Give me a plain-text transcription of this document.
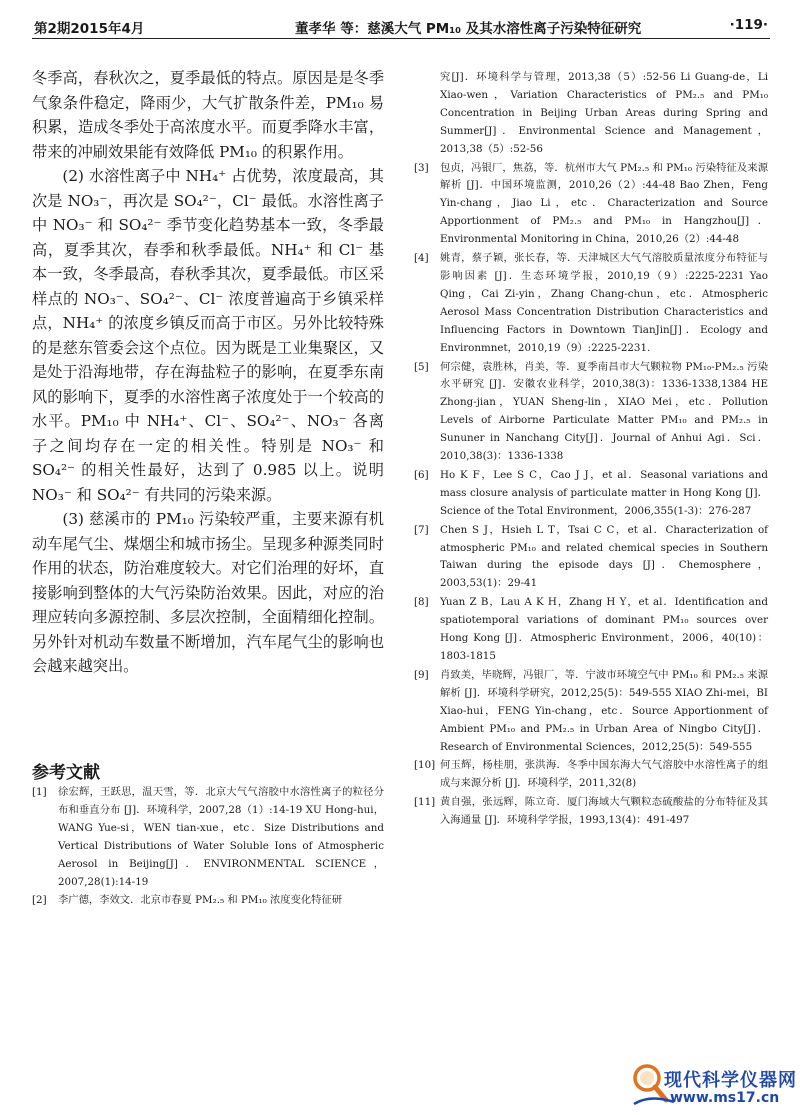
第2期2015年4月	董孝华 等：慈溪大气 PM₁₀ 及其水溶性离子污染特征研究	·119·

冬季高，春秋次之，夏季最低的特点。原因是是冬季气象条件稳定，降雨少，大气扩散条件差，PM₁₀ 易积累，造成冬季处于高浓度水平。而夏季降水丰富，带来的冲刷效果能有效降低 PM₁₀ 的积累作用。

(2) 水溶性离子中 NH₄⁺ 占优势，浓度最高，其次是 NO₃⁻，再次是 SO₄²⁻，Cl⁻ 最低。水溶性离子中 NO₃⁻ 和 SO₄²⁻ 季节变化趋势基本一致，冬季最高，夏季其次，春季和秋季最低。NH₄⁺ 和 Cl⁻ 基本一致，冬季最高，春秋季其次，夏季最低。市区采样点的 NO₃⁻、SO₄²⁻、Cl⁻ 浓度普遍高于乡镇采样点，NH₄⁺ 的浓度乡镇反而高于市区。另外比较特殊的是慈东管委会这个点位。因为既是工业集聚区，又是处于沿海地带，存在海盐粒子的影响，在夏季东南风的影响下，夏季的水溶性离子浓度处于一个较高的水平。PM₁₀ 中 NH₄⁺、Cl⁻、SO₄²⁻、NO₃⁻ 各离子之间均存在一定的相关性。特别是 NO₃⁻ 和 SO₄²⁻ 的相关性最好，达到了 0.985 以上。说明 NO₃⁻ 和 SO₄²⁻ 有共同的污染来源。

(3) 慈溪市的 PM₁₀ 污染较严重，主要来源有机动车尾气尘、煤烟尘和城市扬尘。呈现多种源类同时作用的状态，防治难度较大。对它们治理的好坏，直接影响到整体的大气污染防治效果。因此，对应的治理应转向多源控制、多层次控制，全面精细化控制。另外针对机动车数量不断增加，汽车尾气尘的影响也会越来越突出。

参考文献
[1] 徐宏辉，王跃思，温天雪，等．北京大气气溶胶中水溶性离子的粒径分布和垂直分布 [J]．环境科学，2007,28（1）:14-19 XU Hong-hui，WANG Yue-si，WEN tian-xue，etc．Size Distributions and Vertical Distributions of Water Soluble Ions of Atmospheric Aerosol in Beijing[J]．ENVIRONMENTAL SCIENCE，2007,28(1):14-19
[2] 李广德，李效文．北京市春夏 PM₂.₅ 和 PM₁₀ 浓度变化特征研
究[J]．环境科学与管理，2013,38（5）:52-56 Li Guang-de，Li Xiao-wen，Variation Characteristics of PM₂.₅ and PM₁₀ Concentration in Beijing Urban Areas during Spring and Summer[J]．Environmental Science and Management，2013,38（5）:52-56
[3] 包贞，冯银厂，焦荔，等．杭州市大气 PM₂.₅ 和 PM₁₀ 污染特征及来源解析 [J]．中国环境监测，2010,26（2）:44-48 Bao Zhen，Feng Yin-chang，Jiao Li，etc．Characterization and Source Apportionment of PM₂.₅ and PM₁₀ in Hangzhou[J]．Environmental Monitoring in China，2010,26（2）:44-48
[4] 姚青，蔡子颖，张长春，等．天津城区大气气溶胶质量浓度分布特征与影响因素 [J]．生态环境学报，2010,19（9）:2225-2231 Yao Qing，Cai Zi-yin，Zhang Chang-chun，etc．Atmospheric Aerosol Mass Concentration Distribution Characteristics and Influencing Factors in Downtown TianJin[J]．Ecology and Environmnet，2010,19（9）:2225-2231.
[5] 何宗健，袁胜林，肖美，等．夏季南昌市大气颗粒物 PM₁₀-PM₂.₅ 污染水平研究 [J]．安徽农业科学，2010,38(3)：1336-1338,1384 HE Zhong-jian，YUAN Sheng-lin，XIAO Mei，etc．Pollution Levels of Airborne Particulate Matter PM₁₀ and PM₂.₅ in Sununer in Nanchang City[J]．Journal of Anhui Agi．Sci．2010,38(3)：1336-1338
[6] Ho K F，Lee S C，Cao J J，et al．Seasonal variations and mass closure analysis of particulate matter in Hong Kong [J]．Science of the Total Environment，2006,355(1-3)：276-287
[7] Chen S J，Hsieh L T，Tsai C C，et al．Characterization of atmospheric PM₁₀ and related chemical species in Southern Taiwan during the episode days [J]．Chemosphere，2003,53(1)：29-41
[8] Yuan Z B，Lau A K H，Zhang H Y，et al．Identification and spatiotemporal variations of dominant PM₁₀ sources over Hong Kong [J]．Atmospheric Environment，2006，40(10)：1803-1815
[9] 肖致美，毕晓辉，冯银厂，等．宁波市环境空气中 PM₁₀ 和 PM₂.₅ 来源解析 [J]．环境科学研究，2012,25(5)：549-555 XIAO Zhi-mei，BI Xiao-hui，FENG Yin-chang，etc．Source Apportionment of Ambient PM₁₀ and PM₂.₅ in Urban Area of Ningbo City[J]．Research of Environmental Sciences，2012,25(5)：549-555
[10] 何玉辉，杨桂朋，张洪海．冬季中国东海大气气溶胶中水溶性离子的组成与来源分析 [J]．环境科学，2011,32(8)
[11] 黄自强，张远辉，陈立奇．厦门海域大气颗粒态硫酸盐的分布特征及其入海通量 [J]．环境科学学报，1993,13(4)：491-497
现代科学仪器网
www.ms17.cn
